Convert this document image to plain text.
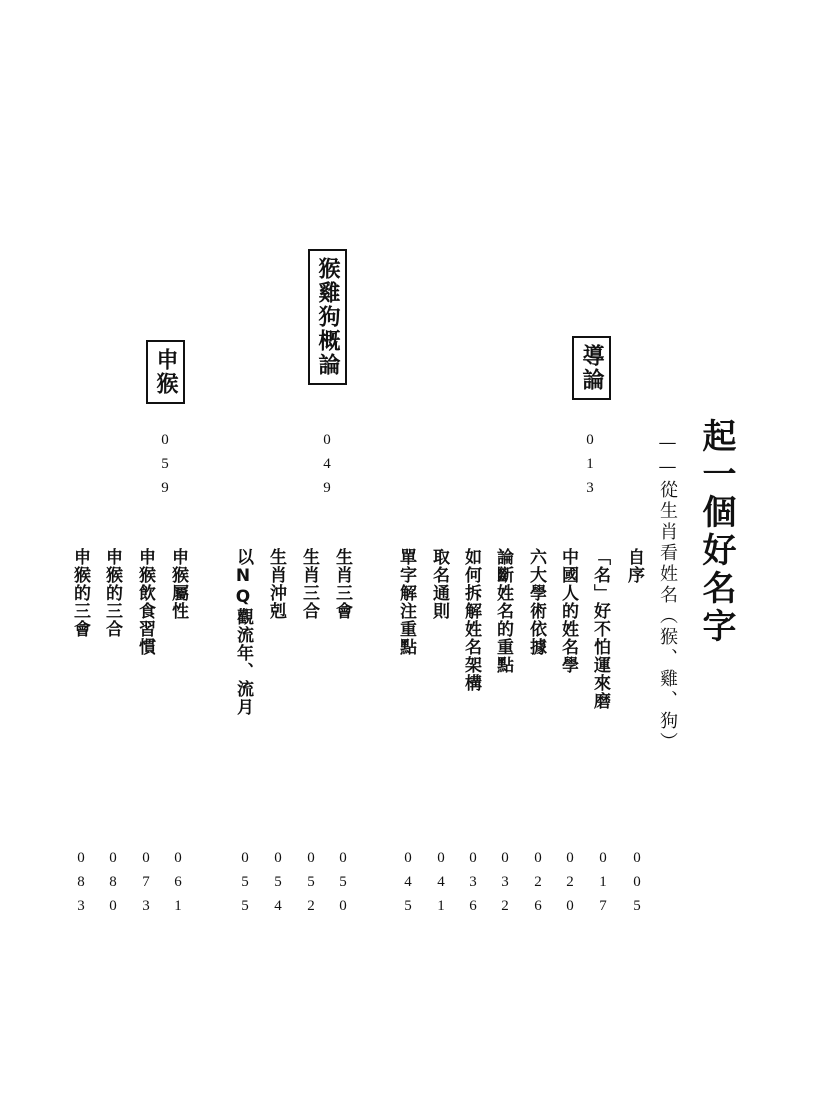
起一個好名字
——從生肖看姓名（猴、雞、狗）
導論
猴雞狗概論
申猴
0
1
3
0
4
9
0
5
9
自序
「名」好不怕運來磨
中國人的姓名學
六大學術依據
論斷姓名的重點
如何拆解姓名架構
取名通則
單字解注重點
生肖三會
生肖三合
生肖沖剋
以NQ觀流年、流月
申猴屬性
申猴飲食習慣
申猴的三合
申猴的三會
0
0
5
0
1
7
0
2
0
0
2
6
0
3
2
0
3
6
0
4
1
0
4
5
0
5
0
0
5
2
0
5
4
0
5
5
0
6
1
0
7
3
0
8
0
0
8
3
